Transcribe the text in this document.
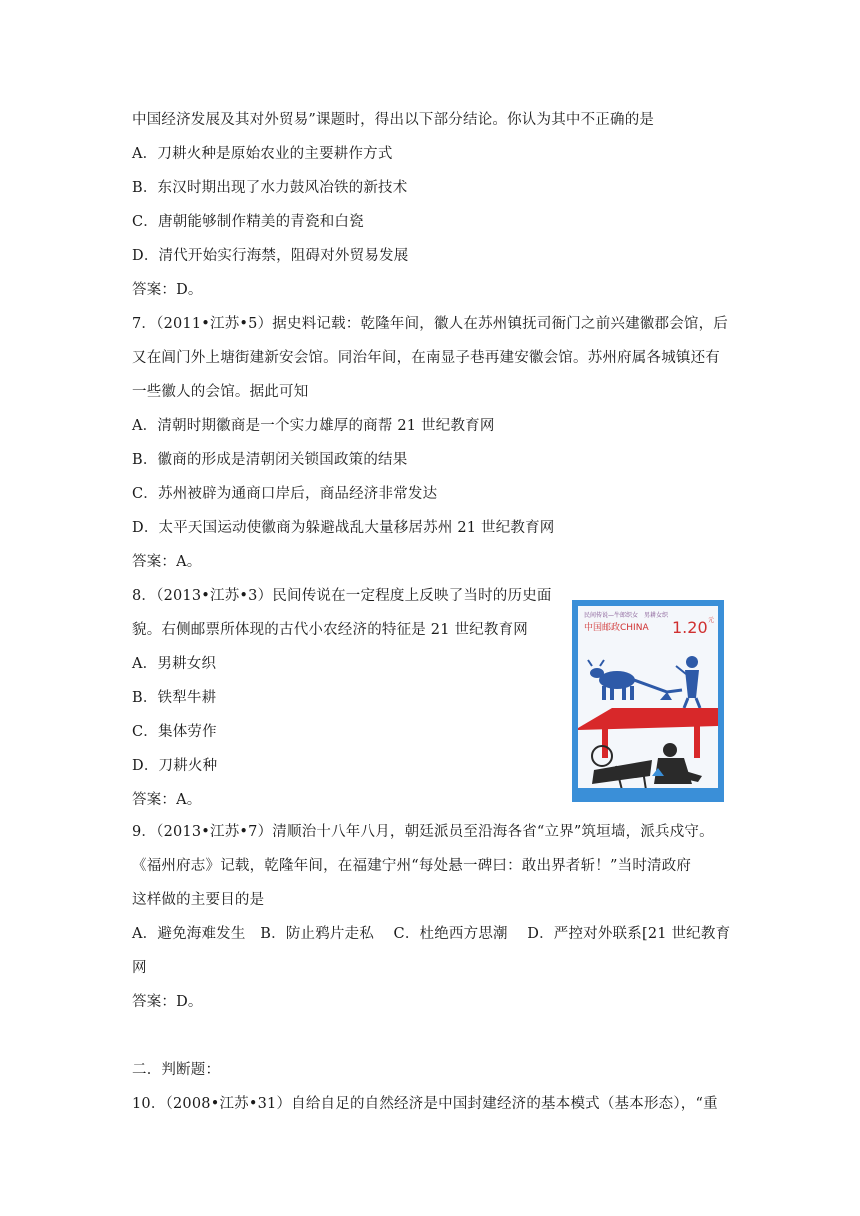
中国经济发展及其对外贸易”课题时，得出以下部分结论。你认为其中不正确的是
A．刀耕火种是原始农业的主要耕作方式
B．东汉时期出现了水力鼓风冶铁的新技术
C．唐朝能够制作精美的青瓷和白瓷
D．清代开始实行海禁，阻碍对外贸易发展
答案：D。
7．（2011•江苏•5）据史料记载：乾隆年间，徽人在苏州镇抚司衙门之前兴建徽郡会馆，后
又在阊门外上塘街建新安会馆。同治年间，在南显子巷再建安徽会馆。苏州府属各城镇还有
一些徽人的会馆。据此可知
A．清朝时期徽商是一个实力雄厚的商帮 21 世纪教育网
B．徽商的形成是清朝闭关锁国政策的结果
C．苏州被辟为通商口岸后，商品经济非常发达
D．太平天国运动使徽商为躲避战乱大量移居苏州 21 世纪教育网
答案：A。
8．（2013•江苏•3）民间传说在一定程度上反映了当时的历史面
貌。右侧邮票所体现的古代小农经济的特征是 21 世纪教育网
A．男耕女织
B．铁犁牛耕
C．集体劳作
D．刀耕火种
答案：A。
9．（2013•江苏•7）清顺治十八年八月，朝廷派员至沿海各省“立界”筑垣墙，派兵戍守。
《福州府志》记载，乾隆年间，在福建宁州“每处悬一碑曰：敢出界者斩！”当时清政府
这样做的主要目的是
A．避免海难发生　B．防止鸦片走私　 C．杜绝西方思潮　 D．严控对外联系[21 世纪教育
网
答案：D。
二．判断题：
10．（2008•江苏•31）自给自足的自然经济是中国封建经济的基本模式（基本形态），“重
民间传说—牛郎织女　男耕女织
中国邮政CHINA 1.20 元
